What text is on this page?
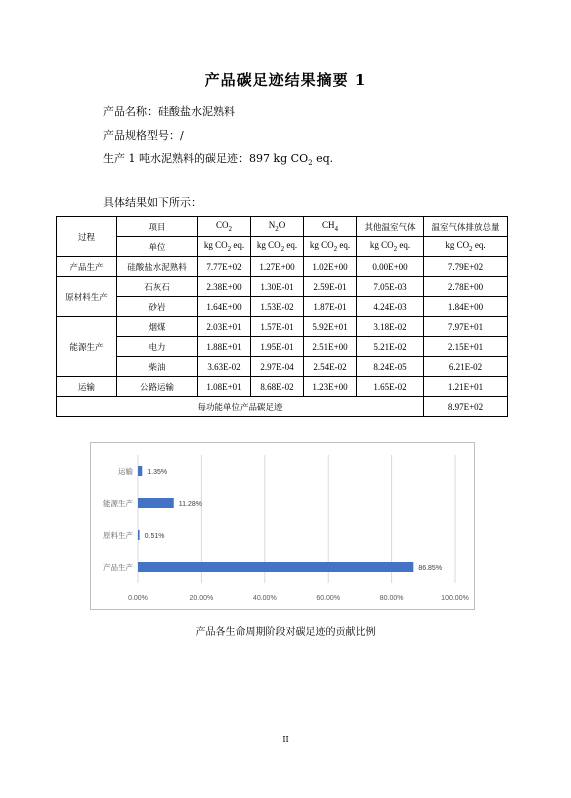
产品碳足迹结果摘要 1
产品名称：硅酸盐水泥熟料
产品规格型号：/
生产 1 吨水泥熟料的碳足迹：897 kg $CO_2$ eq.
具体结果如下所示：
过程	项目	$CO_2$	$N_2O$	$CH_4$	其他温室气体	温室气体排放总量
	单位	kg $CO_2$ eq.	kg $CO_2$ eq.	kg $CO_2$ eq.	kg $CO_2$ eq.	kg $CO_2$ eq.
产品生产	硅酸盐水泥熟料	7.77E+02	1.27E+00	1.02E+00	0.00E+00	7.79E+02
原材料生产	石灰石	2.38E+00	1.30E-01	2.59E-01	7.05E-03	2.78E+00
	砂岩	1.64E+00	1.53E-02	1.87E-01	4.24E-03	1.84E+00
能源生产	烟煤	2.03E+01	1.57E-01	5.92E+01	3.18E-02	7.97E+01
	电力	1.88E+01	1.95E-01	2.51E+00	5.21E-02	2.15E+01
	柴油	3.63E-02	2.97E-04	2.54E-02	8.24E-05	6.21E-02
运输	公路运输	1.08E+01	8.68E-02	1.23E+00	1.65E-02	1.21E+01
每功能单位产品碳足迹						8.97E+02
0.00%	20.00%	40.00%	60.00%	80.00%	100.00%
运输 1.35%
能源生产	11.28%
原料生产 0.51%
产品生产	86.85%
产品各生命周期阶段对碳足迹的贡献比例
II
